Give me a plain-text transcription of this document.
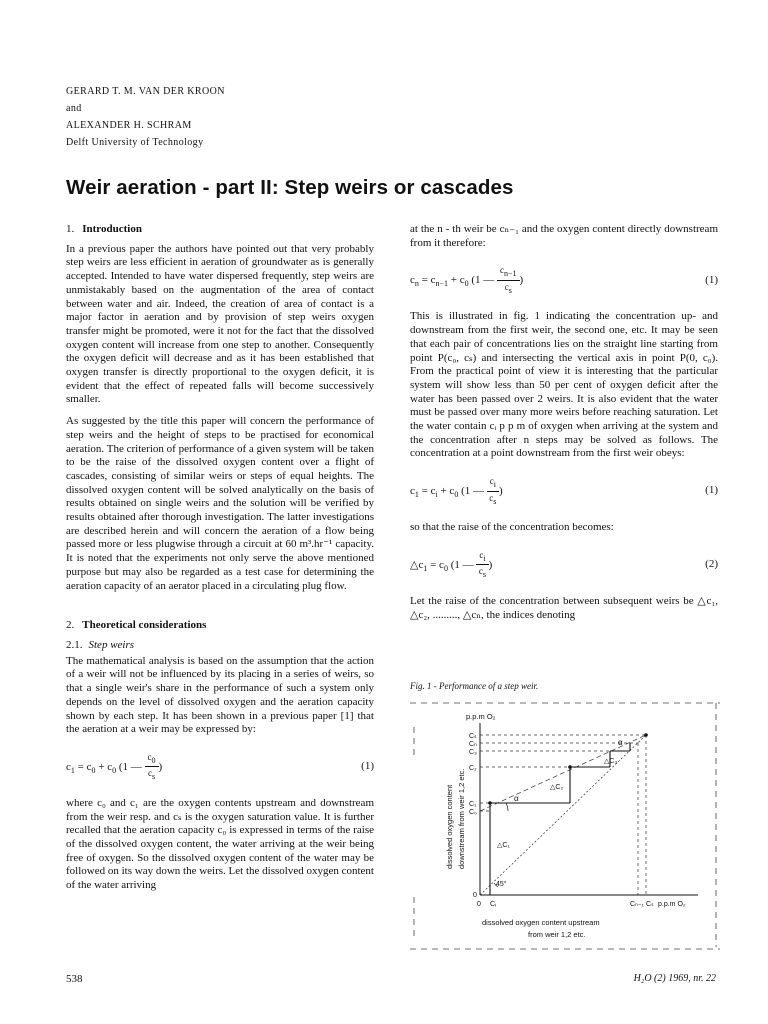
GERARD T. M. VAN DER KROON
and
ALEXANDER H. SCHRAM
Delft University of Technology
Weir aeration - part II: Step weirs or cascades
1. Introduction

In a previous paper the authors have pointed out that very probably step weirs are less efficient in aeration of groundwater as is generally accepted. Intended to have water dispersed frequently, step weirs are unmistakably based on the augmentation of the area of contact between water and air. Indeed, the creation of area of contact is a major factor in aeration and by provision of step weirs oxygen transfer might be promoted, were it not for the fact that the dissolved oxygen content will increase from one step to another. Consequently the oxygen deficit will decrease and as it has been established that oxygen transfer is directly proportional to the oxygen deficit, it is evident that the effect of repeated falls will become successively smaller.

As suggested by the title this paper will concern the performance of step weirs and the height of steps to be practised for economical aeration. The criterion of performance of a given system will be taken to be the raise of the dissolved oxygen content over a flight of cascades, consisting of similar weirs or steps of equal heights. The dissolved oxygen content will be solved analytically on the basis of results obtained on single weirs and the solution will be verified by results obtained after thorough investigation. The latter investigations are described herein and will concern the aeration of a flow being passed more or less plugwise through a circuit at 60 m³.hr⁻¹ capacity. It is noted that the experiments not only serve the above mentioned purpose but may also be regarded as a test case for determining the aeration capacity of an aerator placed in a circulating plug flow.

2. Theoretical considerations
2.1. Step weirs

The mathematical analysis is based on the assumption that the action of a weir will not be influenced by its placing in a series of weirs, so that a single weir's share in the performance of such a system only depends on the level of dissolved oxygen and the aeration capacity shown by each step. It has been shown in a previous paper [1] that the aeration at a weir may be expressed by:

$c_1 = c_0 + c_0$ (1 — $\frac{c_0}{c_s}$ )	(1)

where c₀ and c₁ are the oxygen contents upstream and downstream from the weir resp. and cₛ is the oxygen saturation value. It is further recalled that the aeration capacity c₀ is expressed in terms of the raise of the dissolved oxygen content, the water arriving at the weir being free of oxygen. So the dissolved oxygen content of the water may be followed on its way down the weirs. Let the dissolved oxygen content of the water arriving

at the n - th weir be cₙ₋₁ and the oxygen content directly downstream from it therefore:

$c_n = c_{n-1} + c_0$ (1 — $\frac{c_{n-1}}{c_s}$ )	(1)

This is illustrated in fig. 1 indicating the concentration up- and downstream from the first weir, the second one, etc. It may be seen that each pair of concentrations lies on the straight line starting from point P(c₀, cₛ) and intersecting the vertical axis in point P(0, c₀). From the practical point of view it is interesting that the particular system will show less than 50 per cent of oxygen deficit after the water has been passed over 2 weirs. It is also evident that the water must be passed over many more weirs before reaching saturation. Let the water contain cᵢ p p m of oxygen when arriving at the system and the concentration after n steps may be solved as follows. The concentration at a point downstream from the first weir obeys:

$c_1 = c_i + c_0$ (1 — $\frac{c_i}{c_s}$ )	(1)

so that the raise of the concentration becomes:

$\triangle c_1 = c_0$ (1 — $\frac{c_i}{c_s}$ )	(2)

Let the raise of the concentration between subsequent weirs be △c₁, △c₂, ........., △cₙ, the indices denoting

Fig. 1 - Performance of a step weir.
p.p.m O₂
dissolved oxygen content downstream from weir 1,2 etc.
Cₛ
Cₙ
C₃
C₂
C₁
C₀
0
0 Cᵢ	Cₙ₋₁ Cₛ p.p.m O₂
dissolved oxygen content upstream
from weir 1,2 etc.
△C₁
△C₂
△C₃
α
α
45°
538	H₂O (2) 1969, nr. 22
